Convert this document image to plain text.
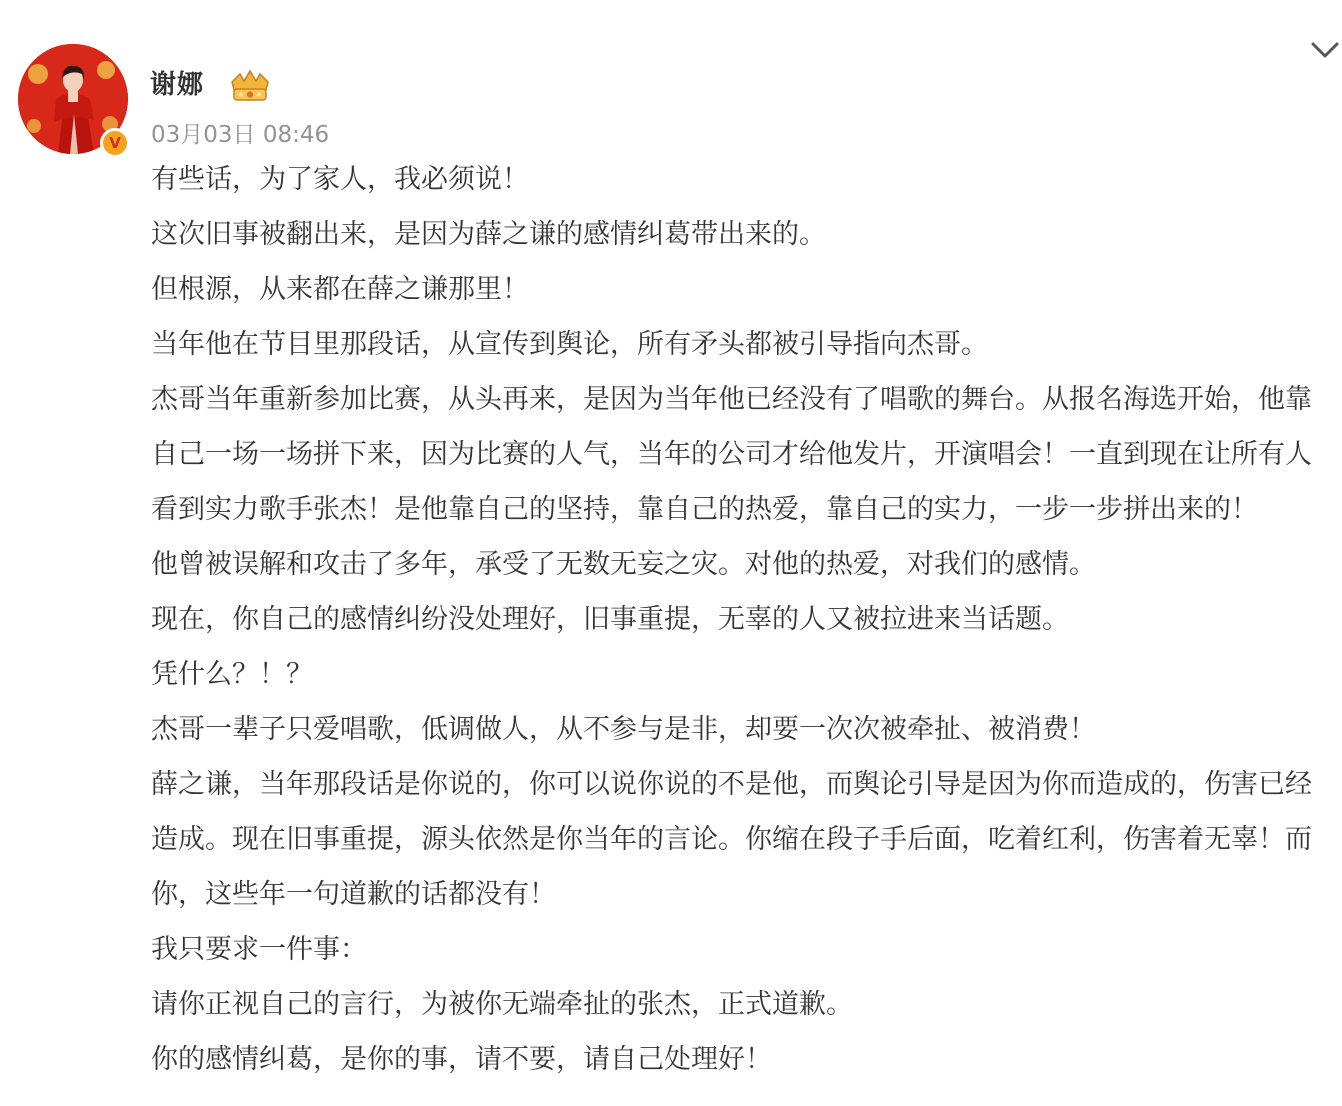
V
谢娜
03月03日 08:46

有些话，为了家人，我必须说！

这次旧事被翻出来，是因为薛之谦的感情纠葛带出来的。

但根源，从来都在薛之谦那里！

当年他在节目里那段话，从宣传到舆论，所有矛头都被引导指向杰哥。

杰哥当年重新参加比赛，从头再来，是因为当年他已经没有了唱歌的舞台。从报名海选开始，他靠自己一场一场拼下来，因为比赛的人气，当年的公司才给他发片，开演唱会！一直到现在让所有人看到实力歌手张杰！是他靠自己的坚持，靠自己的热爱，靠自己的实力，一步一步拼出来的！

他曾被误解和攻击了多年，承受了无数无妄之灾。对他的热爱，对我们的感情。

现在，你自己的感情纠纷没处理好，旧事重提，无辜的人又被拉进来当话题。

凭什么？！？

杰哥一辈子只爱唱歌，低调做人，从不参与是非，却要一次次被牵扯、被消费！

薛之谦，当年那段话是你说的，你可以说你说的不是他，而舆论引导是因为你而造成的，伤害已经造成。现在旧事重提，源头依然是你当年的言论。你缩在段子手后面，吃着红利，伤害着无辜！而你，这些年一句道歉的话都没有！

我只要求一件事：

请你正视自己的言行，为被你无端牵扯的张杰，正式道歉。

你的感情纠葛，是你的事，请不要，请自己处理好！
